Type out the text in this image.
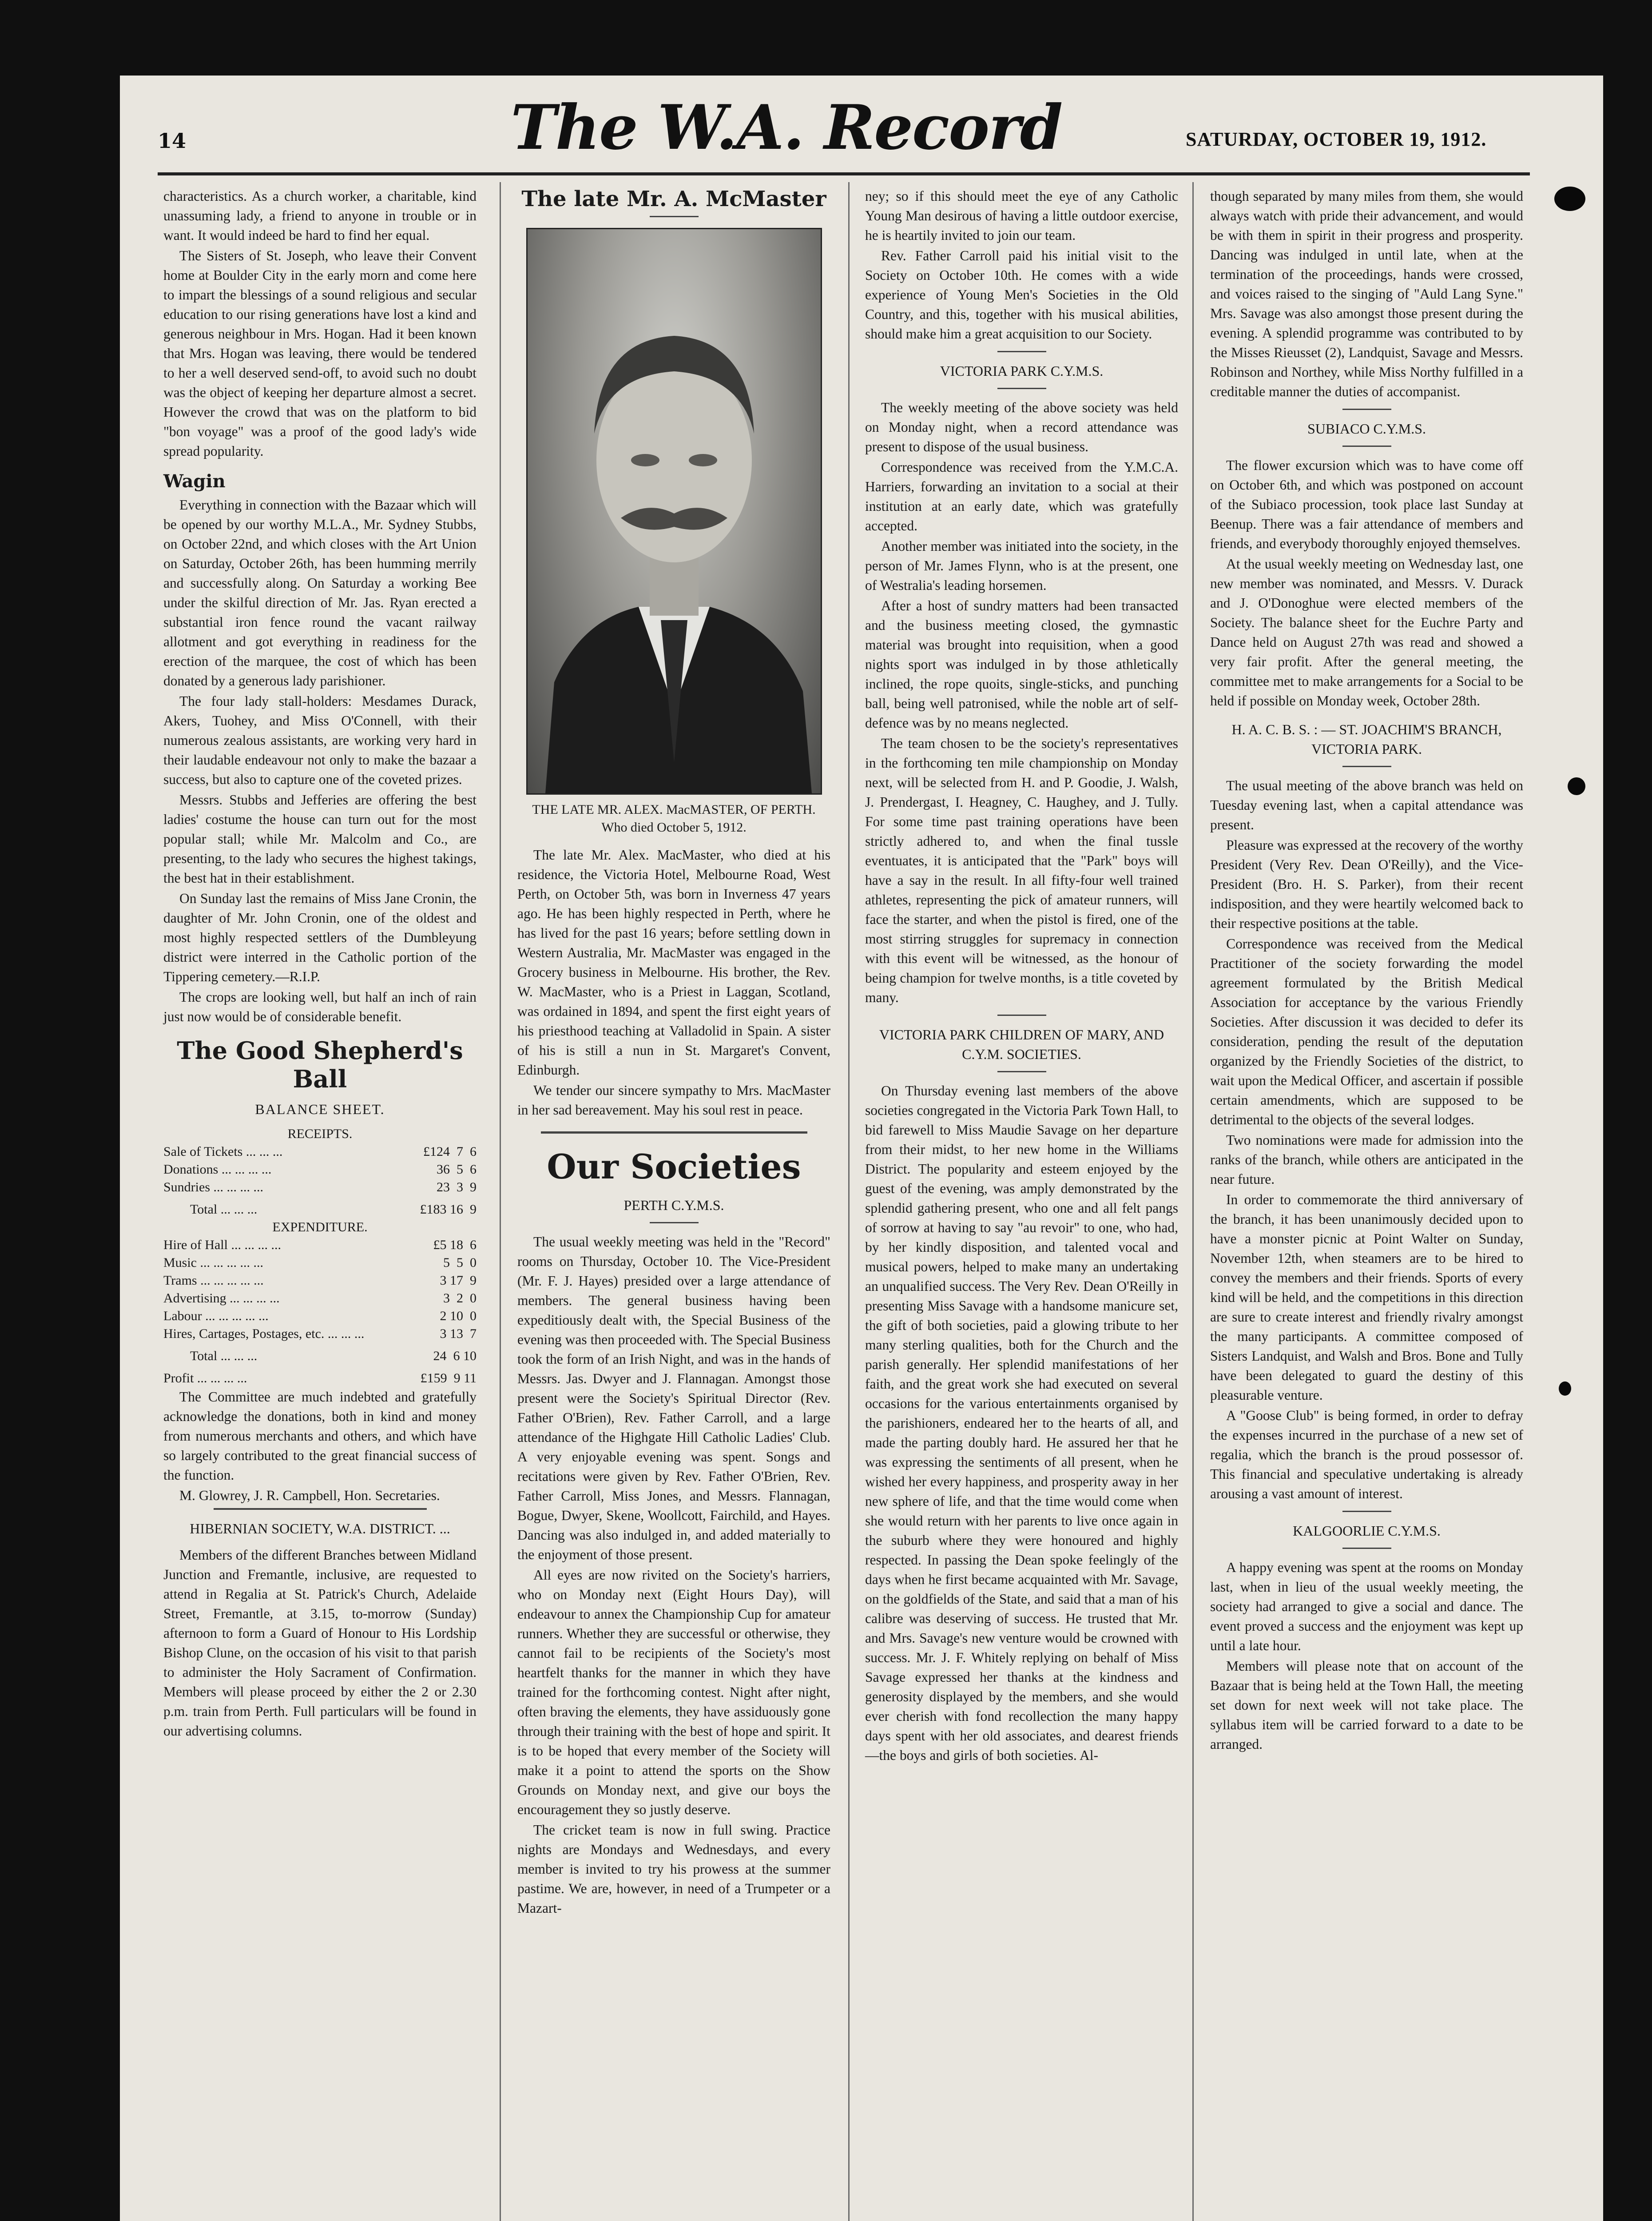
14	The W.A. Record	SATURDAY, OCTOBER 19, 1912.

characteristics. As a church worker, a charitable, kind unassuming lady, a friend to anyone in trouble or in want. It would indeed be hard to find her equal.

The Sisters of St. Joseph, who leave their Convent home at Boulder City in the early morn and come here to impart the blessings of a sound religious and secular education to our rising generations have lost a kind and generous neighbour in Mrs. Hogan. Had it been known that Mrs. Hogan was leaving, there would be tendered to her a well deserved send-off, to avoid such no doubt was the object of keeping her departure almost a secret. However the crowd that was on the platform to bid "bon voyage" was a proof of the good lady's wide spread popularity.

Wagin

Everything in connection with the Bazaar which will be opened by our worthy M.L.A., Mr. Sydney Stubbs, on October 22nd, and which closes with the Art Union on Saturday, October 26th, has been humming merrily and successfully along. On Saturday a working Bee under the skilful direction of Mr. Jas. Ryan erected a substantial iron fence round the vacant railway allotment and got everything in readiness for the erection of the marquee, the cost of which has been donated by a generous lady parishioner.

The four lady stall-holders: Mesdames Durack, Akers, Tuohey, and Miss O'Connell, with their numerous zealous assistants, are working very hard in their laudable endeavour not only to make the bazaar a success, but also to capture one of the coveted prizes.

Messrs. Stubbs and Jefferies are offering the best ladies' costume the house can turn out for the most popular stall; while Mr. Malcolm and Co., are presenting, to the lady who secures the highest takings, the best hat in their establishment.

On Sunday last the remains of Miss Jane Cronin, the daughter of Mr. John Cronin, one of the oldest and most highly respected settlers of the Dumbleyung district were interred in the Catholic portion of the Tippering cemetery.—R.I.P.

The crops are looking well, but half an inch of rain just now would be of considerable benefit.

The Good Shepherd's Ball
BALANCE SHEET.
RECEIPTS.
Sale of Tickets ... ... ...	£124  7  6
Donations ... ... ... ...	36  5  6
Sundries ... ... ... ...	23  3  9
Total ... ... ...	£183 16  9
EXPENDITURE.
Hire of Hall ... ... ... ...	£5 18  6
Music ... ... ... ... ...	5  5  0
Trams ... ... ... ... ...	3 17  9
Advertising ... ... ... ...	3  2  0
Labour ... ... ... ... ...	2 10  0
Hires, Cartages, Postages, etc. ... ... ...	3 13  7
Total ... ... ...	24  6 10
Profit ... ... ... ...	£159  9 11

The Committee are much indebted and gratefully acknowledge the donations, both in kind and money from numerous merchants and others, and which have so largely contributed to the great financial success of the function.

M. Glowrey, J. R. Campbell, Hon. Secretaries.

HIBERNIAN SOCIETY, W.A. DISTRICT. ...

Members of the different Branches between Midland Junction and Fremantle, inclusive, are requested to attend in Regalia at St. Patrick's Church, Adelaide Street, Fremantle, at 3.15, to-morrow (Sunday) afternoon to form a Guard of Honour to His Lordship Bishop Clune, on the occasion of his visit to that parish to administer the Holy Sacrament of Confirmation. Members will please proceed by either the 2 or 2.30 p.m. train from Perth. Full particulars will be found in our advertising columns.

The late Mr. A. McMaster
THE LATE MR. ALEX. MacMASTER, OF PERTH.
Who died October 5, 1912.

The late Mr. Alex. MacMaster, who died at his residence, the Victoria Hotel, Melbourne Road, West Perth, on October 5th, was born in Inverness 47 years ago. He has been highly respected in Perth, where he has lived for the past 16 years; before settling down in Western Australia, Mr. MacMaster was engaged in the Grocery business in Melbourne. His brother, the Rev. W. MacMaster, who is a Priest in Laggan, Scotland, was ordained in 1894, and spent the first eight years of his priesthood teaching at Valladolid in Spain. A sister of his is still a nun in St. Margaret's Convent, Edinburgh.

We tender our sincere sympathy to Mrs. MacMaster in her sad bereavement. May his soul rest in peace.

Our Societies
PERTH C.Y.M.S.

The usual weekly meeting was held in the "Record" rooms on Thursday, October 10. The Vice-President (Mr. F. J. Hayes) presided over a large attendance of members. The general business having been expeditiously dealt with, the Special Business of the evening was then proceeded with. The Special Business took the form of an Irish Night, and was in the hands of Messrs. Jas. Dwyer and J. Flannagan. Amongst those present were the Society's Spiritual Director (Rev. Father O'Brien), Rev. Father Carroll, and a large attendance of the Highgate Hill Catholic Ladies' Club. A very enjoyable evening was spent. Songs and recitations were given by Rev. Father O'Brien, Rev. Father Carroll, Miss Jones, and Messrs. Flannagan, Bogue, Dwyer, Skene, Woollcott, Fairchild, and Hayes. Dancing was also indulged in, and added materially to the enjoyment of those present.

All eyes are now rivited on the Society's harriers, who on Monday next (Eight Hours Day), will endeavour to annex the Championship Cup for amateur runners. Whether they are successful or otherwise, they cannot fail to be recipients of the Society's most heartfelt thanks for the manner in which they have trained for the forthcoming contest. Night after night, often braving the elements, they have assiduously gone through their training with the best of hope and spirit. It is to be hoped that every member of the Society will make it a point to attend the sports on the Show Grounds on Monday next, and give our boys the encouragement they so justly deserve.

The cricket team is now in full swing. Practice nights are Mondays and Wednesdays, and every member is invited to try his prowess at the summer pastime. We are, however, in need of a Trumpeter or a Mazart-

ney; so if this should meet the eye of any Catholic Young Man desirous of having a little outdoor exercise, he is heartily invited to join our team.

Rev. Father Carroll paid his initial visit to the Society on October 10th. He comes with a wide experience of Young Men's Societies in the Old Country, and this, together with his musical abilities, should make him a great acquisition to our Society.

VICTORIA PARK C.Y.M.S.

The weekly meeting of the above society was held on Monday night, when a record attendance was present to dispose of the usual business.

Correspondence was received from the Y.M.C.A. Harriers, forwarding an invitation to a social at their institution at an early date, which was gratefully accepted.

Another member was initiated into the society, in the person of Mr. James Flynn, who is at the present, one of Westralia's leading horsemen.

After a host of sundry matters had been transacted and the business meeting closed, the gymnastic material was brought into requisition, when a good nights sport was indulged in by those athletically inclined, the rope quoits, single-sticks, and punching ball, being well patronised, while the noble art of self-defence was by no means neglected.

The team chosen to be the society's representatives in the forthcoming ten mile championship on Monday next, will be selected from H. and P. Goodie, J. Walsh, J. Prendergast, I. Heagney, C. Haughey, and J. Tully. For some time past training operations have been strictly adhered to, and when the final tussle eventuates, it is anticipated that the "Park" boys will have a say in the result. In all fifty-four well trained athletes, representing the pick of amateur runners, will face the starter, and when the pistol is fired, one of the most stirring struggles for supremacy in connection with this event will be witnessed, as the honour of being champion for twelve months, is a title coveted by many.

VICTORIA PARK CHILDREN OF MARY, AND C.Y.M. SOCIETIES.

On Thursday evening last members of the above societies congregated in the Victoria Park Town Hall, to bid farewell to Miss Maudie Savage on her departure from their midst, to her new home in the Williams District. The popularity and esteem enjoyed by the guest of the evening, was amply demonstrated by the splendid gathering present, who one and all felt pangs of sorrow at having to say "au revoir" to one, who had, by her kindly disposition, and talented vocal and musical powers, helped to make many an undertaking an unqualified success. The Very Rev. Dean O'Reilly in presenting Miss Savage with a handsome manicure set, the gift of both societies, paid a glowing tribute to her many sterling qualities, both for the Church and the parish generally. Her splendid manifestations of her faith, and the great work she had executed on several occasions for the various entertainments organised by the parishioners, endeared her to the hearts of all, and made the parting doubly hard. He assured her that he was expressing the sentiments of all present, when he wished her every happiness, and prosperity away in her new sphere of life, and that the time would come when she would return with her parents to live once again in the suburb where they were honoured and highly respected. In passing the Dean spoke feelingly of the days when he first became acquainted with Mr. Savage, on the goldfields of the State, and said that a man of his calibre was deserving of success. He trusted that Mr. and Mrs. Savage's new venture would be crowned with success. Mr. J. F. Whitely replying on behalf of Miss Savage expressed her thanks at the kindness and generosity displayed by the members, and she would ever cherish with fond recollection the many happy days spent with her old associates, and dearest friends—the boys and girls of both societies. Al-

though separated by many miles from them, she would always watch with pride their advancement, and would be with them in spirit in their progress and prosperity. Dancing was indulged in until late, when at the termination of the proceedings, hands were crossed, and voices raised to the singing of "Auld Lang Syne." Mrs. Savage was also amongst those present during the evening. A splendid programme was contributed to by the Misses Rieusset (2), Landquist, Savage and Messrs. Robinson and Northey, while Miss Northy fulfilled in a creditable manner the duties of accompanist.

SUBIACO C.Y.M.S.

The flower excursion which was to have come off on October 6th, and which was postponed on account of the Subiaco procession, took place last Sunday at Beenup. There was a fair attendance of members and friends, and everybody thoroughly enjoyed themselves.

At the usual weekly meeting on Wednesday last, one new member was nominated, and Messrs. V. Durack and J. O'Donoghue were elected members of the Society. The balance sheet for the Euchre Party and Dance held on August 27th was read and showed a very fair profit. After the general meeting, the committee met to make arrangements for a Social to be held if possible on Monday week, October 28th.

H. A. C. B. S. : — ST. JOACHIM'S BRANCH, VICTORIA PARK.

The usual meeting of the above branch was held on Tuesday evening last, when a capital attendance was present.

Pleasure was expressed at the recovery of the worthy President (Very Rev. Dean O'Reilly), and the Vice-President (Bro. H. S. Parker), from their recent indisposition, and they were heartily welcomed back to their respective positions at the table.

Correspondence was received from the Medical Practitioner of the society forwarding the model agreement formulated by the British Medical Association for acceptance by the various Friendly Societies. After discussion it was decided to defer its consideration, pending the result of the deputation organized by the Friendly Societies of the district, to wait upon the Medical Officer, and ascertain if possible certain amendments, which are supposed to be detrimental to the objects of the several lodges.

Two nominations were made for admission into the ranks of the branch, while others are anticipated in the near future.

In order to commemorate the third anniversary of the branch, it has been unanimously decided upon to have a monster picnic at Point Walter on Sunday, November 12th, when steamers are to be hired to convey the members and their friends. Sports of every kind will be held, and the competitions in this direction are sure to create interest and friendly rivalry amongst the many participants. A committee composed of Sisters Landquist, and Walsh and Bros. Bone and Tully have been delegated to guard the destiny of this pleasurable venture.

A "Goose Club" is being formed, in order to defray the expenses incurred in the purchase of a new set of regalia, which the branch is the proud possessor of. This financial and speculative undertaking is already arousing a vast amount of interest.

KALGOORLIE C.Y.M.S.

A happy evening was spent at the rooms on Monday last, when in lieu of the usual weekly meeting, the society had arranged to give a social and dance. The event proved a success and the enjoyment was kept up until a late hour.

Members will please note that on account of the Bazaar that is being held at the Town Hall, the meeting set down for next week will not take place. The syllabus item will be carried forward to a date to be arranged.
